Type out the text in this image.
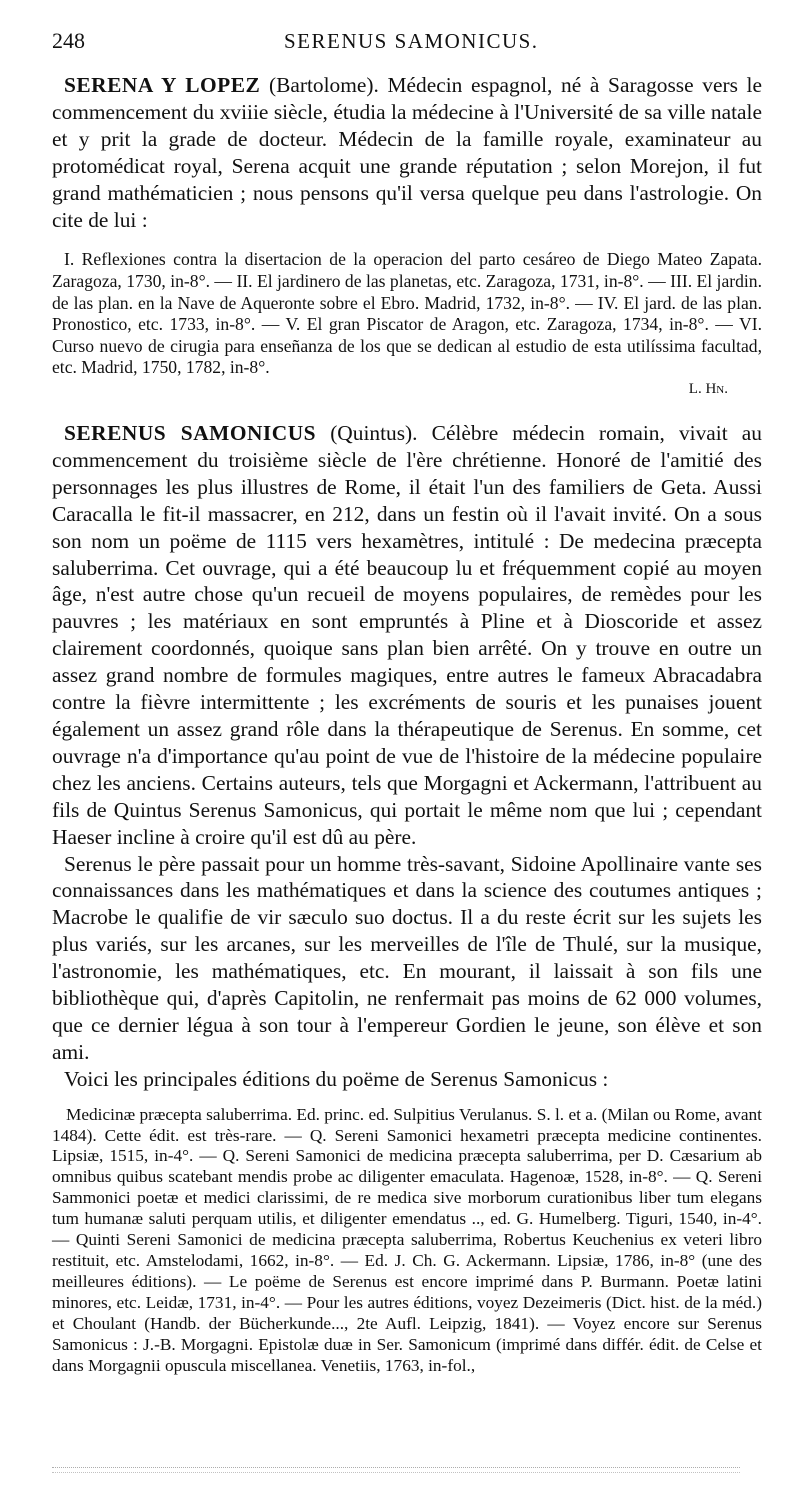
248	SERENUS SAMONICUS.

SERENA Y LOPEZ (Bartolome). Médecin espagnol, né à Saragosse vers le commencement du xviiie siècle, étudia la médecine à l'Université de sa ville natale et y prit la grade de docteur. Médecin de la famille royale, examinateur au protomédicat royal, Serena acquit une grande réputation ; selon Morejon, il fut grand mathématicien ; nous pensons qu'il versa quelque peu dans l'astrologie. On cite de lui :

I. Reflexiones contra la disertacion de la operacion del parto cesáreo de Diego Mateo Zapata. Zaragoza, 1730, in-8°. — II. El jardinero de las planetas, etc. Zaragoza, 1731, in-8°. — III. El jardin. de las plan. en la Nave de Aqueronte sobre el Ebro. Madrid, 1732, in-8°. — IV. El jard. de las plan. Pronostico, etc. 1733, in-8°. — V. El gran Piscator de Aragon, etc. Zaragoza, 1734, in-8°. — VI. Curso nuevo de cirugia para enseñanza de los que se dedican al estudio de esta utilíssima facultad, etc. Madrid, 1750, 1782, in-8°.

L. Hn.

SERENUS SAMONICUS (Quintus). Célèbre médecin romain, vivait au commencement du troisième siècle de l'ère chrétienne. Honoré de l'amitié des personnages les plus illustres de Rome, il était l'un des familiers de Geta. Aussi Caracalla le fit-il massacrer, en 212, dans un festin où il l'avait invité. On a sous son nom un poëme de 1115 vers hexamètres, intitulé : De medecina præcepta saluberrima. Cet ouvrage, qui a été beaucoup lu et fréquemment copié au moyen âge, n'est autre chose qu'un recueil de moyens populaires, de remèdes pour les pauvres ; les matériaux en sont empruntés à Pline et à Dioscoride et assez clairement coordonnés, quoique sans plan bien arrêté. On y trouve en outre un assez grand nombre de formules magiques, entre autres le fameux Abracadabra contre la fièvre intermittente ; les excréments de souris et les punaises jouent également un assez grand rôle dans la thérapeutique de Serenus. En somme, cet ouvrage n'a d'importance qu'au point de vue de l'histoire de la médecine populaire chez les anciens. Certains auteurs, tels que Morgagni et Ackermann, l'attribuent au fils de Quintus Serenus Samonicus, qui portait le même nom que lui ; cependant Haeser incline à croire qu'il est dû au père.

Serenus le père passait pour un homme très-savant, Sidoine Apollinaire vante ses connaissances dans les mathématiques et dans la science des coutumes antiques ; Macrobe le qualifie de vir sæculo suo doctus. Il a du reste écrit sur les sujets les plus variés, sur les arcanes, sur les merveilles de l'île de Thulé, sur la musique, l'astronomie, les mathématiques, etc. En mourant, il laissait à son fils une bibliothèque qui, d'après Capitolin, ne renfermait pas moins de 62 000 volumes, que ce dernier légua à son tour à l'empereur Gordien le jeune, son élève et son ami.

Voici les principales éditions du poëme de Serenus Samonicus :

Medicinæ præcepta saluberrima. Ed. princ. ed. Sulpitius Verulanus. S. l. et a. (Milan ou Rome, avant 1484). Cette édit. est très-rare. — Q. Sereni Samonici hexametri præcepta medicine continentes. Lipsiæ, 1515, in-4°. — Q. Sereni Samonici de medicina præcepta saluberrima, per D. Cæsarium ab omnibus quibus scatebant mendis probe ac diligenter emaculata. Hagenoæ, 1528, in-8°. — Q. Sereni Sammonici poetæ et medici clarissimi, de re medica sive morborum curationibus liber tum elegans tum humanæ saluti perquam utilis, et diligenter emendatus .., ed. G. Humelberg. Tiguri, 1540, in-4°. — Quinti Sereni Samonici de medicina præcepta saluberrima, Robertus Keuchenius ex veteri libro restituit, etc. Amstelodami, 1662, in-8°. — Ed. J. Ch. G. Ackermann. Lipsiæ, 1786, in-8° (une des meilleures éditions). — Le poëme de Serenus est encore imprimé dans P. Burmann. Poetæ latini minores, etc. Leidæ, 1731, in-4°. — Pour les autres éditions, voyez Dezeimeris (Dict. hist. de la méd.) et Choulant (Handb. der Bücherkunde..., 2te Aufl. Leipzig, 1841). — Voyez encore sur Serenus Samonicus : J.-B. Morgagni. Epistolæ duæ in Ser. Samonicum (imprimé dans différ. édit. de Celse et dans Morgagnii opuscula miscellanea. Venetiis, 1763, in-fol.,
